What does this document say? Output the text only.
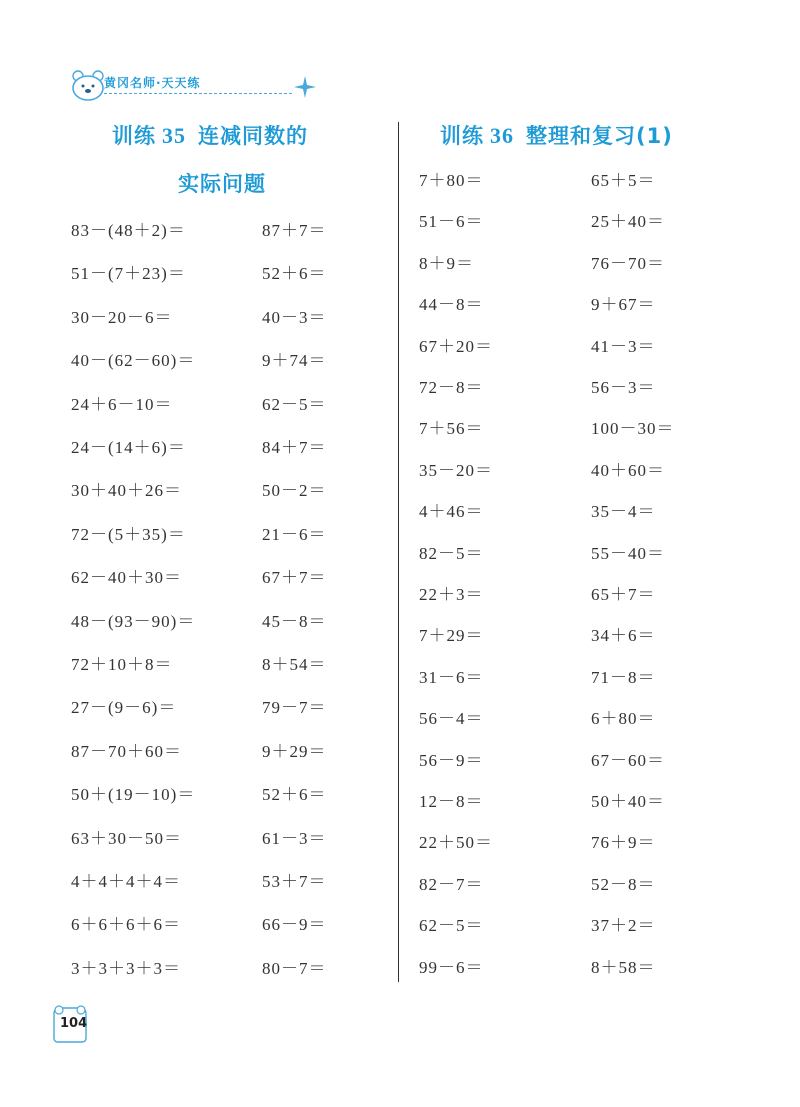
黄冈名师·天天练
训练 35 连减同数的
实际问题
训练 36 整理和复习(1)
83－(48＋2)＝
51－(7＋23)＝
30－20－6＝
40－(62－60)＝
24＋6－10＝
24－(14＋6)＝
30＋40＋26＝
72－(5＋35)＝
62－40＋30＝
48－(93－90)＝
72＋10＋8＝
27－(9－6)＝
87－70＋60＝
50＋(19－10)＝
63＋30－50＝
4＋4＋4＋4＝
6＋6＋6＋6＝
3＋3＋3＋3＝
87＋7＝
52＋6＝
40－3＝
9＋74＝
62－5＝
84＋7＝
50－2＝
21－6＝
67＋7＝
45－8＝
8＋54＝
79－7＝
9＋29＝
52＋6＝
61－3＝
53＋7＝
66－9＝
80－7＝
7＋80＝
51－6＝
8＋9＝
44－8＝
67＋20＝
72－8＝
7＋56＝
35－20＝
4＋46＝
82－5＝
22＋3＝
7＋29＝
31－6＝
56－4＝
56－9＝
12－8＝
22＋50＝
82－7＝
62－5＝
99－6＝
65＋5＝
25＋40＝
76－70＝
9＋67＝
41－3＝
56－3＝
100－30＝
40＋60＝
35－4＝
55－40＝
65＋7＝
34＋6＝
71－8＝
6＋80＝
67－60＝
50＋40＝
76＋9＝
52－8＝
37＋2＝
8＋58＝
104
